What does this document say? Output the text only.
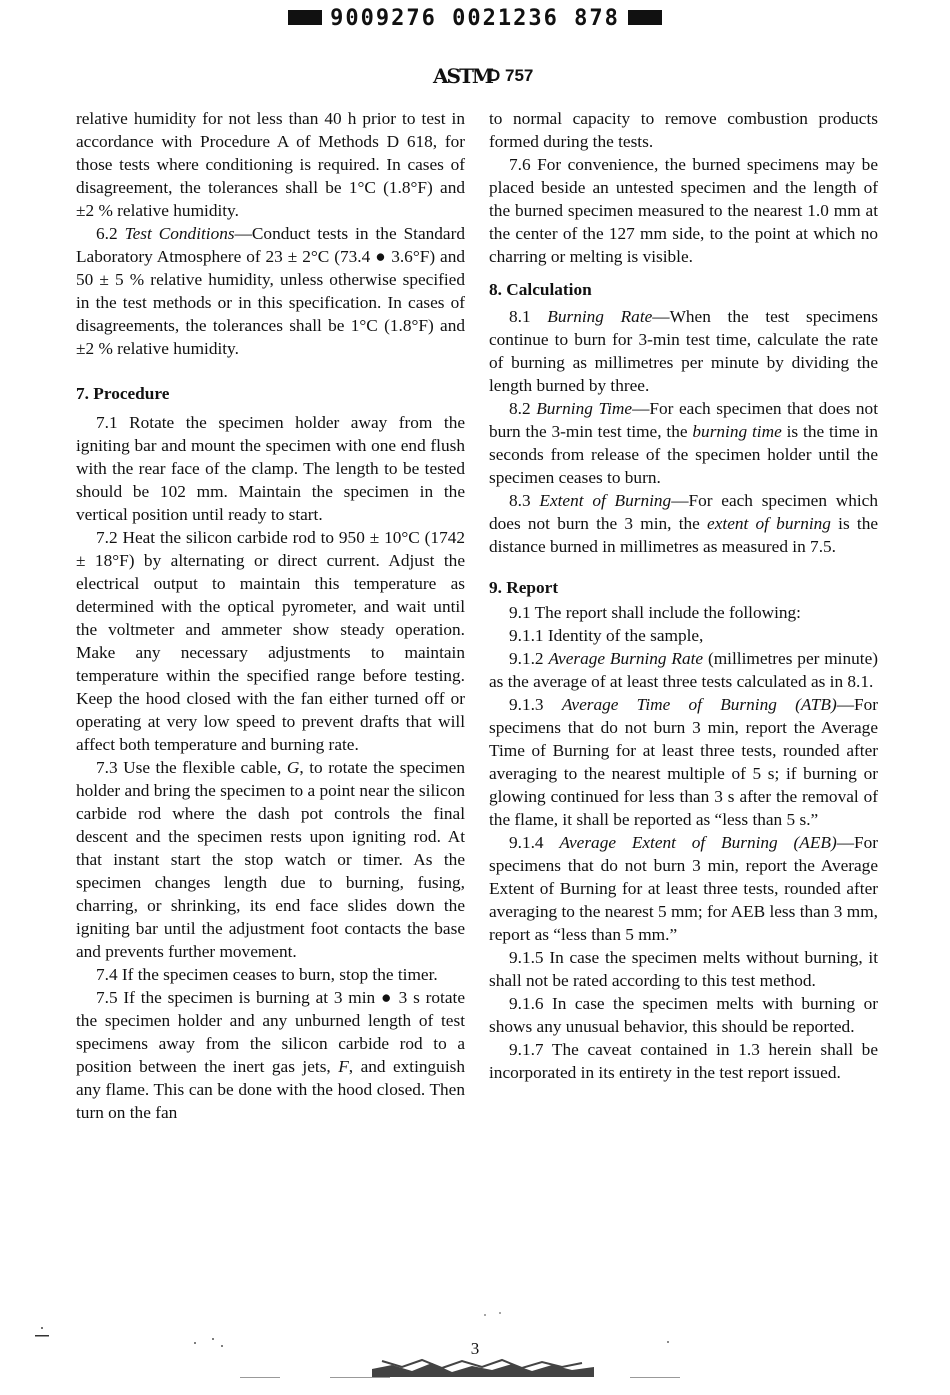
9009276 0021236 878
ASTM
D 757

relative humidity for not less than 40 h prior to test in accordance with Procedure A of Methods D 618, for those tests where conditioning is required. In cases of disagreement, the tolerances shall be 1°C (1.8°F) and ±2 % relative humidity.

6.2 Test Conditions—Conduct tests in the Standard Laboratory Atmosphere of 23 ± 2°C (73.4 ● 3.6°F) and 50 ± 5 % relative humidity, unless otherwise specified in the test methods or in this specification. In cases of disagreements, the tolerances shall be 1°C (1.8°F) and ±2 % relative humidity.

7. Procedure

7.1 Rotate the specimen holder away from the igniting bar and mount the specimen with one end flush with the rear face of the clamp. The length to be tested should be 102 mm. Maintain the specimen in the vertical position until ready to start.

7.2 Heat the silicon carbide rod to 950 ± 10°C (1742 ± 18°F) by alternating or direct current. Adjust the electrical output to maintain this temperature as determined with the optical pyrometer, and wait until the voltmeter and ammeter show steady operation. Make any necessary adjustments to maintain temperature within the specified range before testing. Keep the hood closed with the fan either turned off or operating at very low speed to prevent drafts that will affect both temperature and burning rate.

7.3 Use the flexible cable, G, to rotate the specimen holder and bring the specimen to a point near the silicon carbide rod where the dash pot controls the final descent and the specimen rests upon igniting rod. At that instant start the stop watch or timer. As the specimen changes length due to burning, fusing, charring, or shrinking, its end face slides down the igniting bar until the adjustment foot contacts the base and prevents further movement.

7.4 If the specimen ceases to burn, stop the timer.

7.5 If the specimen is burning at 3 min ● 3 s rotate the specimen holder and any unburned length of test specimens away from the silicon carbide rod to a position between the inert gas jets, F, and extinguish any flame. This can be done with the hood closed. Then turn on the fan

to normal capacity to remove combustion products formed during the tests.

7.6 For convenience, the burned specimens may be placed beside an untested specimen and the length of the burned specimen measured to the nearest 1.0 mm at the center of the 127 mm side, to the point at which no charring or melting is visible.

8. Calculation

8.1 Burning Rate—When the test specimens continue to burn for 3-min test time, calculate the rate of burning as millimetres per minute by dividing the length burned by three.

8.2 Burning Time—For each specimen that does not burn the 3-min test time, the burning time is the time in seconds from release of the specimen holder until the specimen ceases to burn.

8.3 Extent of Burning—For each specimen which does not burn the 3 min, the extent of burning is the distance burned in millimetres as measured in 7.5.

9. Report

9.1 The report shall include the following:

9.1.1 Identity of the sample,

9.1.2 Average Burning Rate (millimetres per minute) as the average of at least three tests calculated as in 8.1.

9.1.3 Average Time of Burning (ATB)—For specimens that do not burn 3 min, report the Average Time of Burning for at least three tests, rounded after averaging to the nearest multiple of 5 s; if burning or glowing continued for less than 3 s after the removal of the flame, it shall be reported as “less than 5 s.”

9.1.4 Average Extent of Burning (AEB)—For specimens that do not burn 3 min, report the Average Extent of Burning for at least three tests, rounded after averaging to the nearest 5 mm; for AEB less than 3 mm, report as “less than 5 mm.”

9.1.5 In case the specimen melts without burning, it shall not be rated according to this test method.

9.1.6 In case the specimen melts with burning or shows any unusual behavior, this should be reported.

9.1.7 The caveat contained in 1.3 herein shall be incorporated in its entirety in the test report issued.

3
